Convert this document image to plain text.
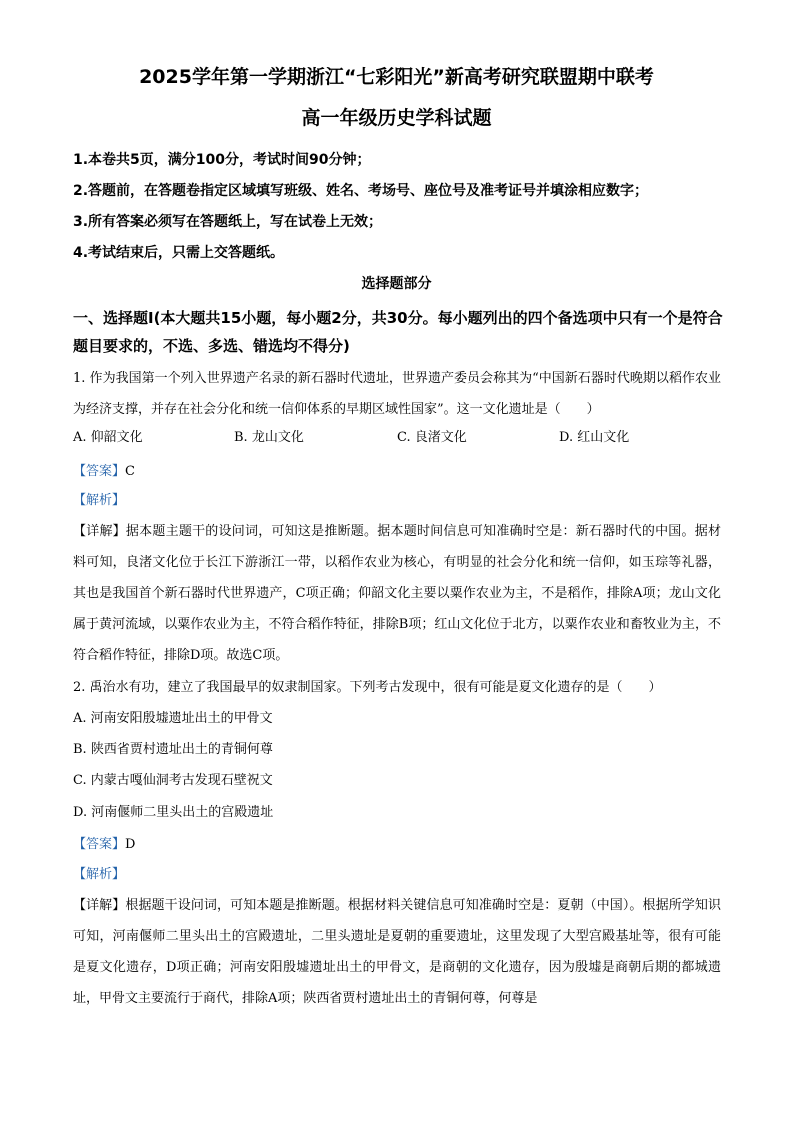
2025学年第一学期浙江“七彩阳光”新高考研究联盟期中联考
高一年级历史学科试题
1.本卷共5页，满分100分，考试时间90分钟；
2.答题前，在答题卷指定区域填写班级、姓名、考场号、座位号及准考证号并填涂相应数字；
3.所有答案必须写在答题纸上，写在试卷上无效；
4.考试结束后，只需上交答题纸。
选择题部分
一、选择题Ⅰ(本大题共15小题，每小题2分，共30分。每小题列出的四个备选项中只有一个是符合题目要求的，不选、多选、错选均不得分)
1. 作为我国第一个列入世界遗产名录的新石器时代遗址，世界遗产委员会称其为“中国新石器时代晚期以稻作农业为经济支撑，并存在社会分化和统一信仰体系的早期区域性国家”。这一文化遗址是（　　）
A. 仰韶文化	B. 龙山文化	C. 良渚文化	D. 红山文化
【答案】C
【解析】
【详解】据本题主题干的设问词，可知这是推断题。据本题时间信息可知准确时空是：新石器时代的中国。据材料可知，良渚文化位于长江下游浙江一带，以稻作农业为核心，有明显的社会分化和统一信仰，如玉琮等礼器，其也是我国首个新石器时代世界遗产，C项正确；仰韶文化主要以粟作农业为主，不是稻作，排除A项；龙山文化属于黄河流域，以粟作农业为主，不符合稻作特征，排除B项；红山文化位于北方，以粟作农业和畜牧业为主，不符合稻作特征，排除D项。故选C项。
2. 禹治水有功，建立了我国最早的奴隶制国家。下列考古发现中，很有可能是夏文化遗存的是（　　）
A. 河南安阳殷墟遗址出土的甲骨文
B. 陕西省贾村遗址出土的青铜何尊
C. 内蒙古嘎仙洞考古发现石壁祝文
D. 河南偃师二里头出土的宫殿遗址
【答案】D
【解析】
【详解】根据题干设问词，可知本题是推断题。根据材料关键信息可知准确时空是：夏朝（中国）。根据所学知识可知，河南偃师二里头出土的宫殿遗址，二里头遗址是夏朝的重要遗址，这里发现了大型宫殿基址等，很有可能是夏文化遗存，D项正确；河南安阳殷墟遗址出土的甲骨文，是商朝的文化遗存，因为殷墟是商朝后期的都城遗址，甲骨文主要流行于商代，排除A项；陕西省贾村遗址出土的青铜何尊，何尊是
